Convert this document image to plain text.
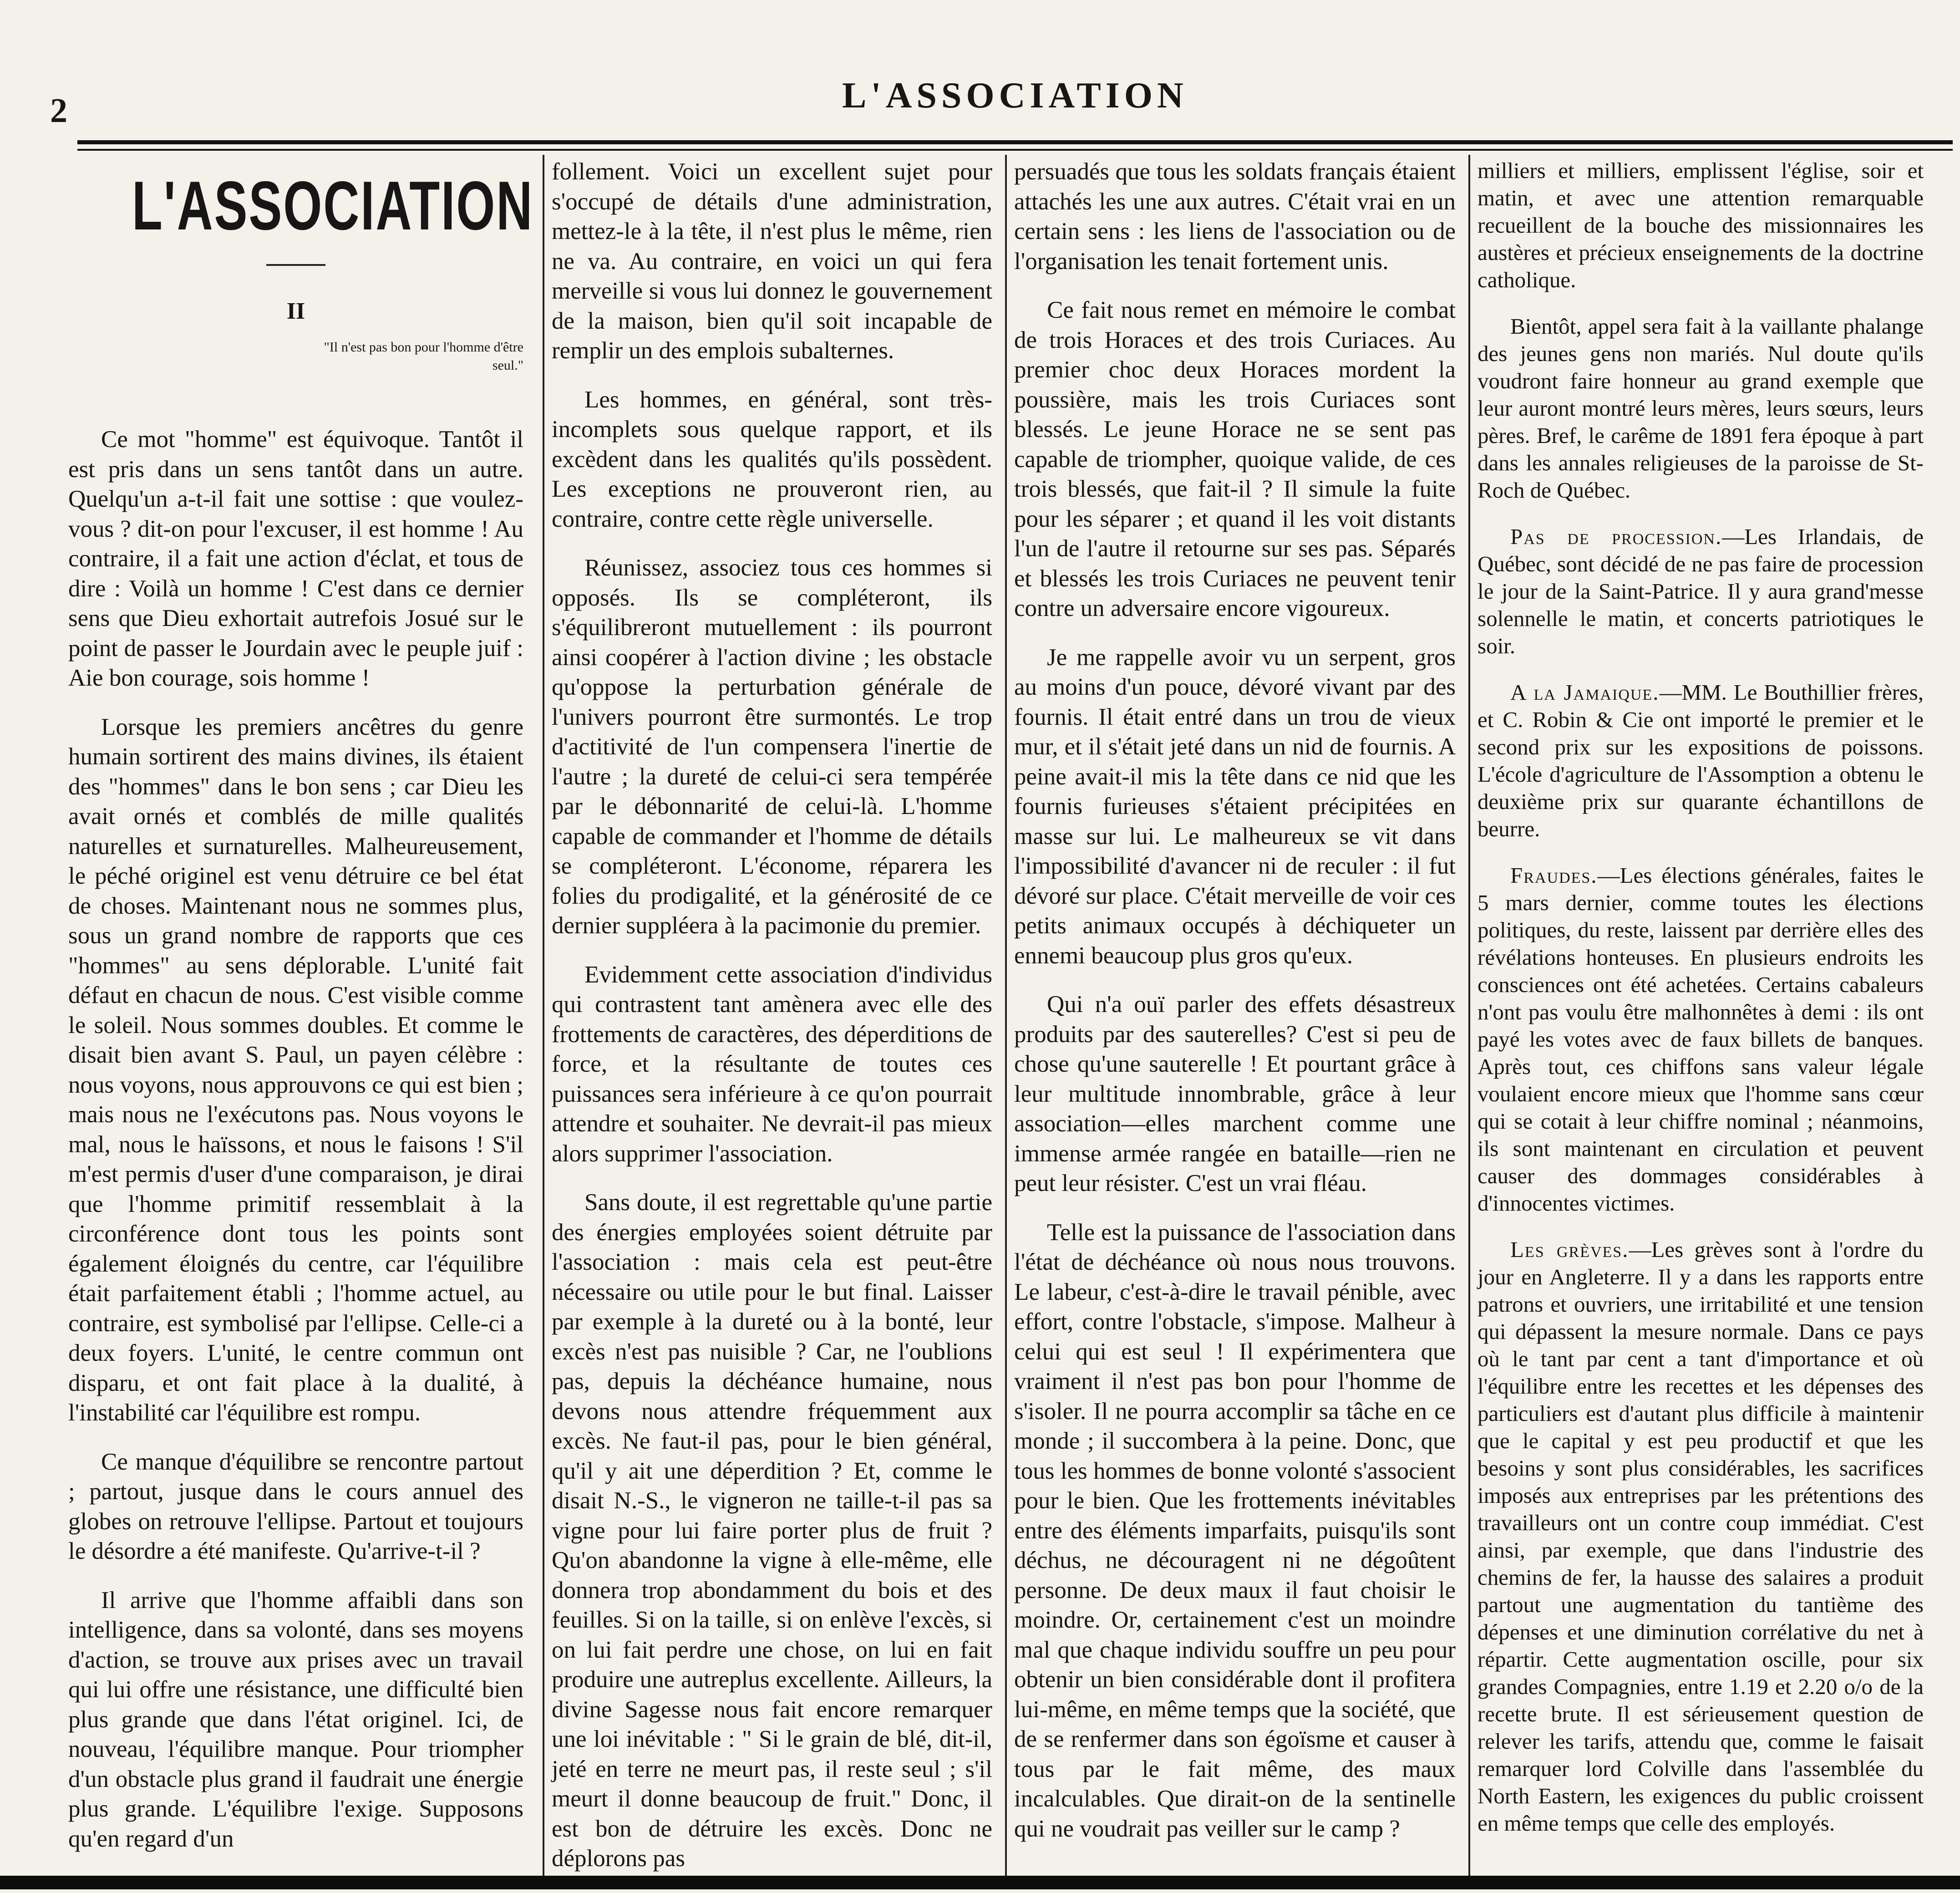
2	L'ASSOCIATION
L'ASSOCIATION
II
"Il n'est pas bon pour l'homme d'être seul."

Ce mot "homme" est équivoque. Tantôt il est pris dans un sens tantôt dans un autre. Quelqu'un a-t-il fait une sottise : que voulez-vous ? dit-on pour l'excuser, il est homme ! Au contraire, il a fait une action d'éclat, et tous de dire : Voilà un homme ! C'est dans ce dernier sens que Dieu exhortait autrefois Josué sur le point de passer le Jourdain avec le peuple juif : Aie bon courage, sois homme !

Lorsque les premiers ancêtres du genre humain sortirent des mains divines, ils étaient des "hommes" dans le bon sens ; car Dieu les avait ornés et comblés de mille qualités naturelles et surnaturelles. Malheureusement, le péché originel est venu détruire ce bel état de choses. Maintenant nous ne sommes plus, sous un grand nombre de rapports que ces "hommes" au sens déplorable. L'unité fait défaut en chacun de nous. C'est visible comme le soleil. Nous sommes doubles. Et comme le disait bien avant S. Paul, un payen célèbre : nous voyons, nous approuvons ce qui est bien ; mais nous ne l'exécutons pas. Nous voyons le mal, nous le haïssons, et nous le faisons ! S'il m'est permis d'user d'une comparaison, je dirai que l'homme primitif ressemblait à la circonférence dont tous les points sont également éloignés du centre, car l'équilibre était parfaitement établi ; l'homme actuel, au contraire, est symbolisé par l'ellipse. Celle-ci a deux foyers. L'unité, le centre commun ont disparu, et ont fait place à la dualité, à l'instabilité car l'équilibre est rompu.

Ce manque d'équilibre se rencontre partout ; partout, jusque dans le cours annuel des globes on retrouve l'ellipse. Partout et toujours le désordre a été manifeste. Qu'arrive-t-il ?

Il arrive que l'homme affaibli dans son intelligence, dans sa volonté, dans ses moyens d'action, se trouve aux prises avec un travail qui lui offre une résistance, une difficulté bien plus grande que dans l'état originel. Ici, de nouveau, l'équilibre manque. Pour triompher d'un obstacle plus grand il faudrait une énergie plus grande. L'équilibre l'exige. Supposons qu'en regard d'un

follement. Voici un excellent sujet pour s'occupé de détails d'une administration, mettez-le à la tête, il n'est plus le même, rien ne va. Au contraire, en voici un qui fera merveille si vous lui donnez le gouvernement de la maison, bien qu'il soit incapable de remplir un des emplois subalternes.

Les hommes, en général, sont très-incomplets sous quelque rapport, et ils excèdent dans les qualités qu'ils possèdent. Les exceptions ne prouveront rien, au contraire, contre cette règle universelle.

Réunissez, associez tous ces hommes si opposés. Ils se compléteront, ils s'équilibreront mutuellement : ils pourront ainsi coopérer à l'action divine ; les obstacle qu'oppose la perturbation générale de l'univers pourront être surmontés. Le trop d'actitivité de l'un compensera l'inertie de l'autre ; la dureté de celui-ci sera tempérée par le débonnarité de celui-là. L'homme capable de commander et l'homme de détails se compléteront. L'économe, réparera les folies du prodigalité, et la générosité de ce dernier suppléera à la pacimonie du premier.

Evidemment cette association d'individus qui contrastent tant amènera avec elle des frottements de caractères, des déperditions de force, et la résultante de toutes ces puissances sera inférieure à ce qu'on pourrait attendre et souhaiter. Ne devrait-il pas mieux alors supprimer l'association.

Sans doute, il est regrettable qu'une partie des énergies employées soient détruite par l'association : mais cela est peut-être nécessaire ou utile pour le but final. Laisser par exemple à la dureté ou à la bonté, leur excès n'est pas nuisible ? Car, ne l'oublions pas, depuis la déchéance humaine, nous devons nous attendre fréquemment aux excès. Ne faut-il pas, pour le bien général, qu'il y ait une déperdition ? Et, comme le disait N.-S., le vigneron ne taille-t-il pas sa vigne pour lui faire porter plus de fruit ? Qu'on abandonne la vigne à elle-même, elle donnera trop abondamment du bois et des feuilles. Si on la taille, si on enlève l'excès, si on lui fait perdre une chose, on lui en fait produire une autreplus excellente. Ailleurs, la divine Sagesse nous fait encore remarquer une loi inévitable : " Si le grain de blé, dit-il, jeté en terre ne meurt pas, il reste seul ; s'il meurt il donne beaucoup de fruit." Donc, il est bon de détruire les excès. Donc ne déplorons pas

persuadés que tous les soldats français étaient attachés les une aux autres. C'était vrai en un certain sens : les liens de l'association ou de l'organisation les tenait fortement unis.

Ce fait nous remet en mémoire le combat de trois Horaces et des trois Curiaces. Au premier choc deux Horaces mordent la poussière, mais les trois Curiaces sont blessés. Le jeune Horace ne se sent pas capable de triompher, quoique valide, de ces trois blessés, que fait-il ? Il simule la fuite pour les séparer ; et quand il les voit distants l'un de l'autre il retourne sur ses pas. Séparés et blessés les trois Curiaces ne peuvent tenir contre un adversaire encore vigoureux.

Je me rappelle avoir vu un serpent, gros au moins d'un pouce, dévoré vivant par des fournis. Il était entré dans un trou de vieux mur, et il s'était jeté dans un nid de fournis. A peine avait-il mis la tête dans ce nid que les fournis furieuses s'étaient précipitées en masse sur lui. Le malheureux se vit dans l'impossibilité d'avancer ni de reculer : il fut dévoré sur place. C'était merveille de voir ces petits animaux occupés à déchiqueter un ennemi beaucoup plus gros qu'eux.

Qui n'a ouï parler des effets désastreux produits par des sauterelles? C'est si peu de chose qu'une sauterelle ! Et pourtant grâce à leur multitude innombrable, grâce à leur association—elles marchent comme une immense armée rangée en bataille—rien ne peut leur résister. C'est un vrai fléau.

Telle est la puissance de l'association dans l'état de déchéance où nous nous trouvons. Le labeur, c'est-à-dire le travail pénible, avec effort, contre l'obstacle, s'impose. Malheur à celui qui est seul ! Il expérimentera que vraiment il n'est pas bon pour l'homme de s'isoler. Il ne pourra accomplir sa tâche en ce monde ; il succombera à la peine. Donc, que tous les hommes de bonne volonté s'associent pour le bien. Que les frottements inévitables entre des éléments imparfaits, puisqu'ils sont déchus, ne découragent ni ne dégoûtent personne. De deux maux il faut choisir le moindre. Or, certainement c'est un moindre mal que chaque individu souffre un peu pour obtenir un bien considérable dont il profitera lui-même, en même temps que la société, que de se renfermer dans son égoïsme et causer à tous par le fait même, des maux incalculables. Que dirait-on de la sentinelle qui ne voudrait pas veiller sur le camp ?

milliers et milliers, emplissent l'église, soir et matin, et avec une attention remarquable recueillent de la bouche des missionnaires les austères et précieux enseignements de la doctrine catholique.

Bientôt, appel sera fait à la vaillante phalange des jeunes gens non mariés. Nul doute qu'ils voudront faire honneur au grand exemple que leur auront montré leurs mères, leurs sœurs, leurs pères. Bref, le carême de 1891 fera époque à part dans les annales religieuses de la paroisse de St-Roch de Québec.

Pas de procession.—Les Irlandais, de Québec, sont décidé de ne pas faire de procession le jour de la Saint-Patrice. Il y aura grand'messe solennelle le matin, et concerts patriotiques le soir.

A la Jamaique.—MM. Le Bouthillier frères, et C. Robin & Cie ont importé le premier et le second prix sur les expositions de poissons. L'école d'agriculture de l'Assomption a obtenu le deuxième prix sur quarante échantillons de beurre.

Fraudes.—Les élections générales, faites le 5 mars dernier, comme toutes les élections politiques, du reste, laissent par derrière elles des révélations honteuses. En plusieurs endroits les consciences ont été achetées. Certains cabaleurs n'ont pas voulu être malhonnêtes à demi : ils ont payé les votes avec de faux billets de banques. Après tout, ces chiffons sans valeur légale voulaient encore mieux que l'homme sans cœur qui se cotait à leur chiffre nominal ; néanmoins, ils sont maintenant en circulation et peuvent causer des dommages considérables à d'innocentes victimes.

Les grèves.—Les grèves sont à l'ordre du jour en Angleterre. Il y a dans les rapports entre patrons et ouvriers, une irritabilité et une tension qui dépassent la mesure normale. Dans ce pays où le tant par cent a tant d'importance et où l'équilibre entre les recettes et les dépenses des particuliers est d'autant plus difficile à maintenir que le capital y est peu productif et que les besoins y sont plus considérables, les sacrifices imposés aux entreprises par les prétentions des travailleurs ont un contre coup immédiat. C'est ainsi, par exemple, que dans l'industrie des chemins de fer, la hausse des salaires a produit partout une augmentation du tantième des dépenses et une diminution corrélative du net à répartir. Cette augmentation oscille, pour six grandes Compagnies, entre 1.19 et 2.20 o/o de la recette brute. Il est sérieusement question de relever les tarifs, attendu que, comme le faisait remarquer lord Colville dans l'assemblée du North Eastern, les exigences du public croissent en même temps que celle des employés.
